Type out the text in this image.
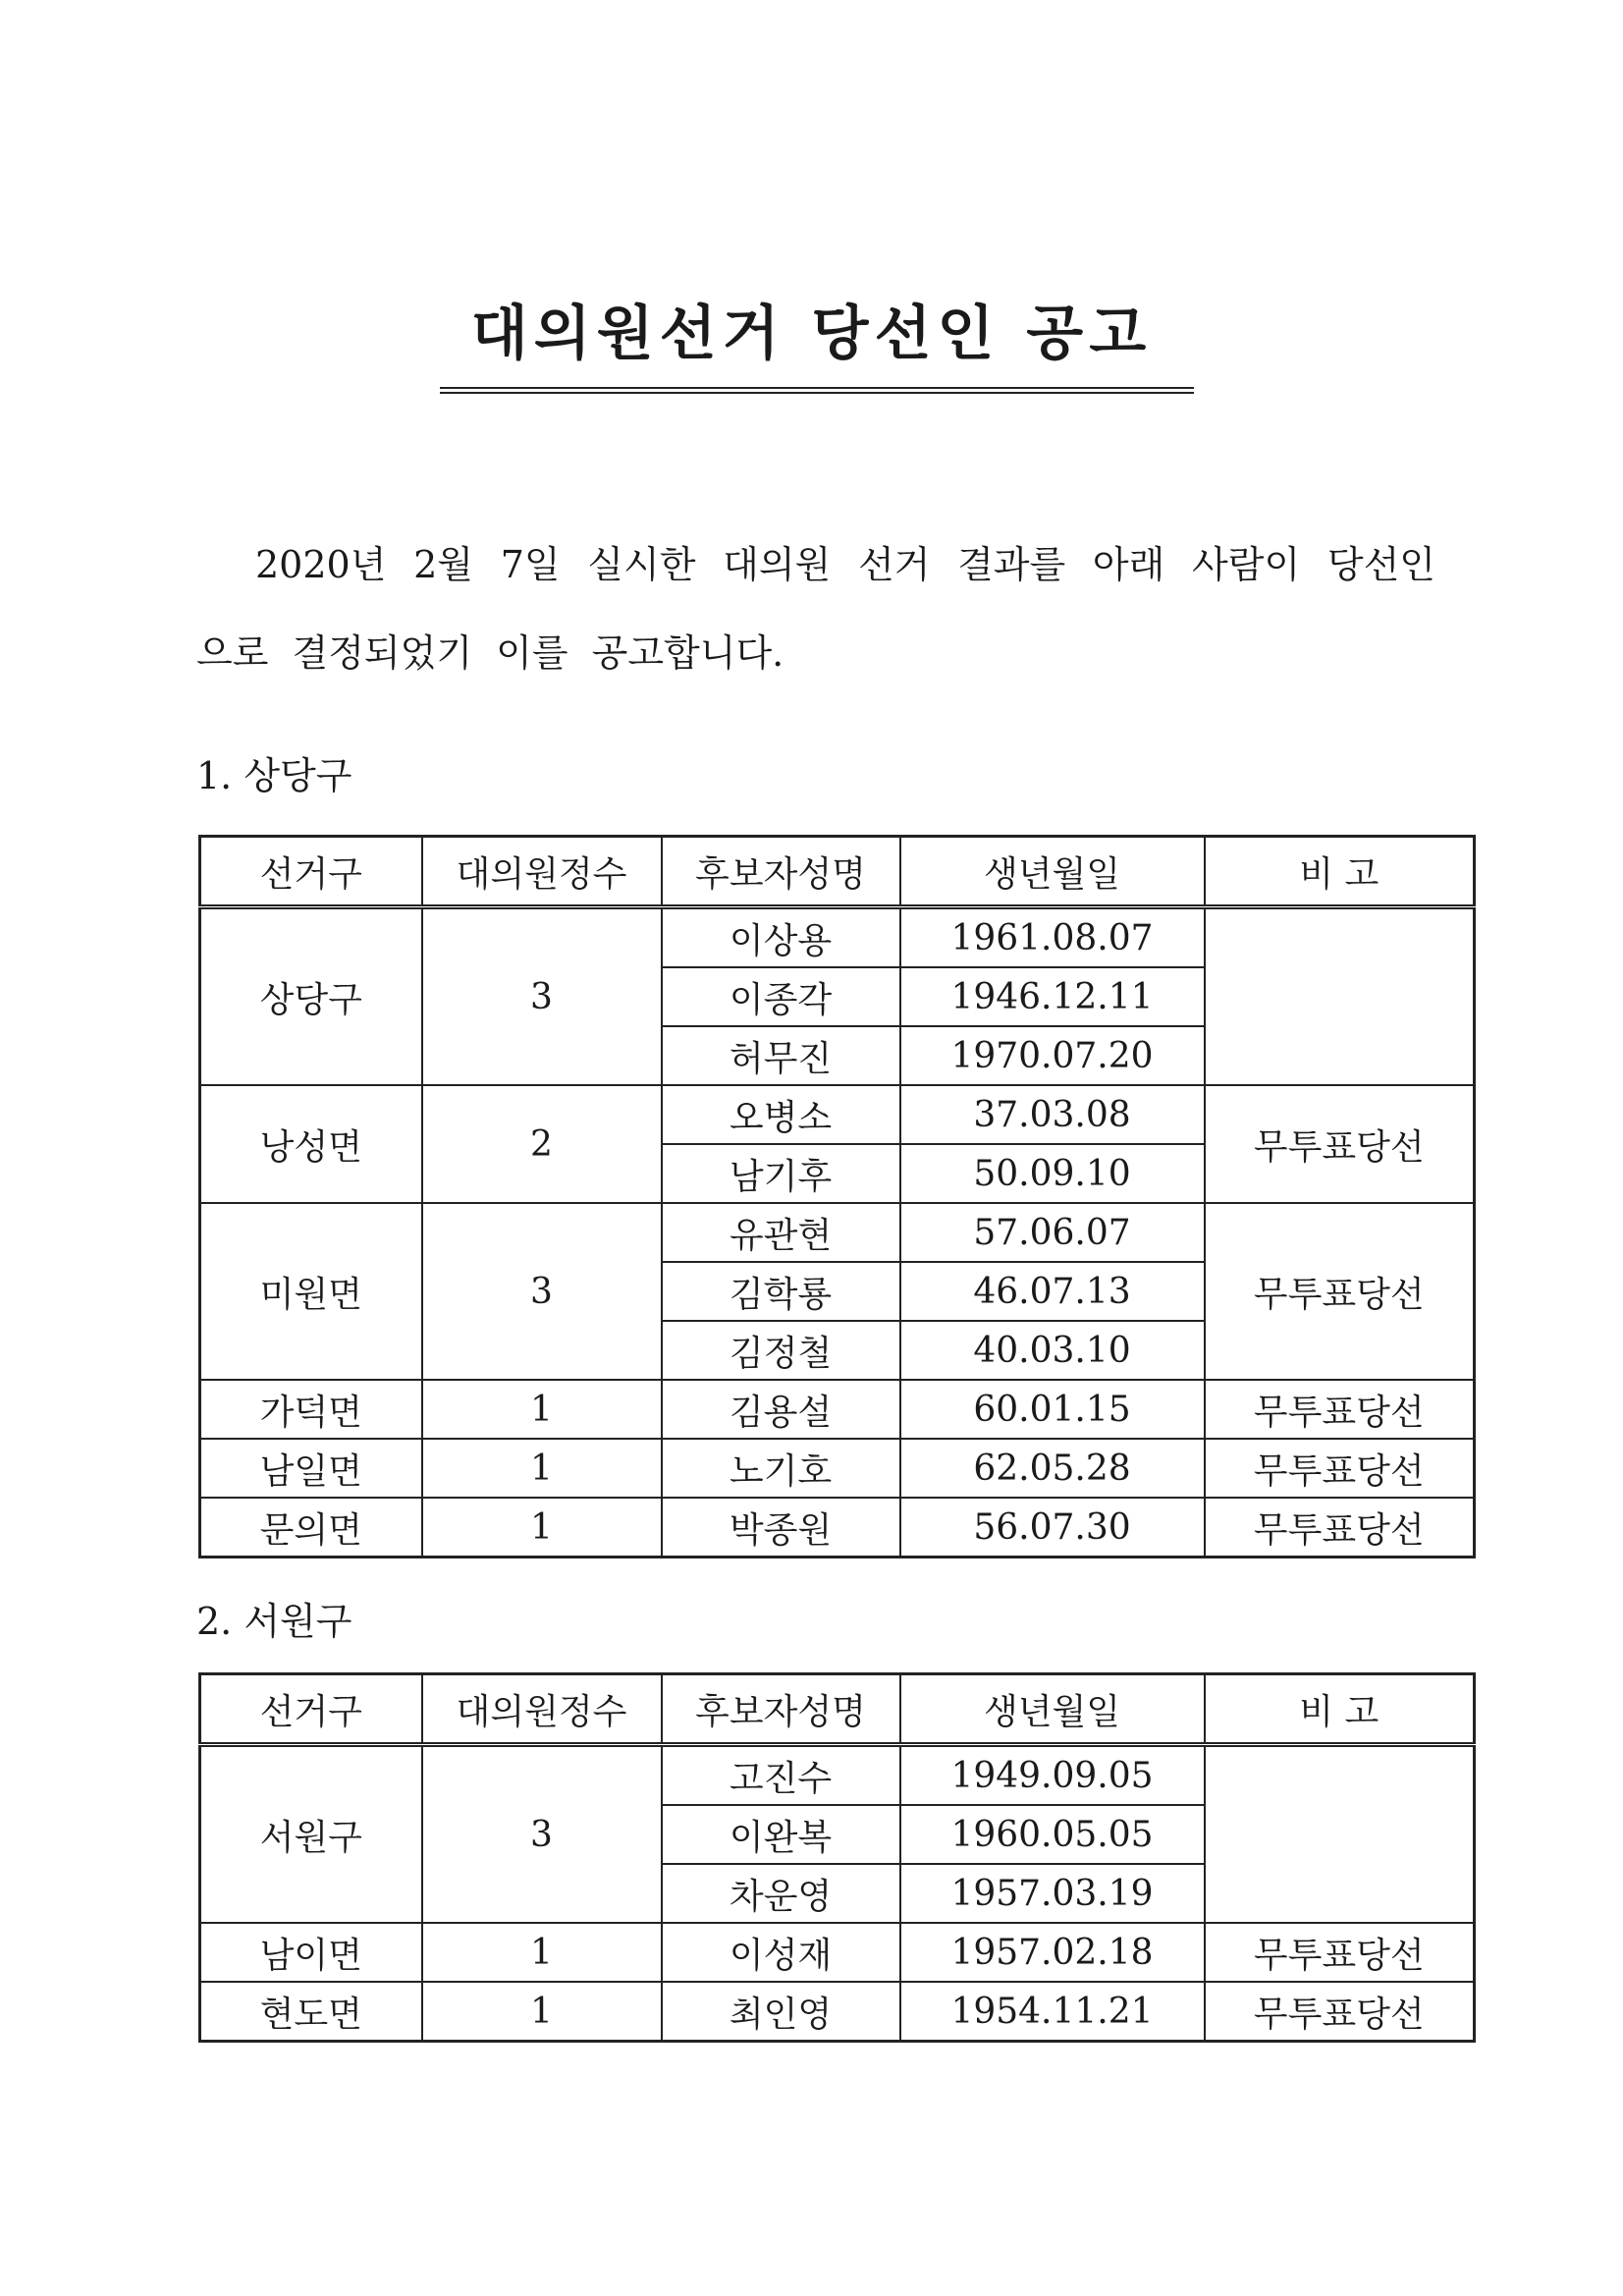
대의원선거 당선인 공고
2020년 2월 7일 실시한 대의원 선거 결과를 아래 사람이 당선인으로 결정되었기 이를 공고합니다.
1. 상당구
선거구	대의원정수	후보자성명	생년월일	비 고
상당구	3	이상용	1961.08.07	
		이종각	1946.12.11	
		허무진	1970.07.20	
낭성면	2	오병소	37.03.08	무투표당선
		남기후	50.09.10	
미원면	3	유관현	57.06.07	무투표당선
		김학룡	46.07.13	
		김정철	40.03.10	
가덕면	1	김용설	60.01.15	무투표당선
남일면	1	노기호	62.05.28	무투표당선
문의면	1	박종원	56.07.30	무투표당선
2. 서원구
선거구	대의원정수	후보자성명	생년월일	비 고
서원구	3	고진수	1949.09.05	
		이완복	1960.05.05	
		차운영	1957.03.19	
남이면	1	이성재	1957.02.18	무투표당선
현도면	1	최인영	1954.11.21	무투표당선
